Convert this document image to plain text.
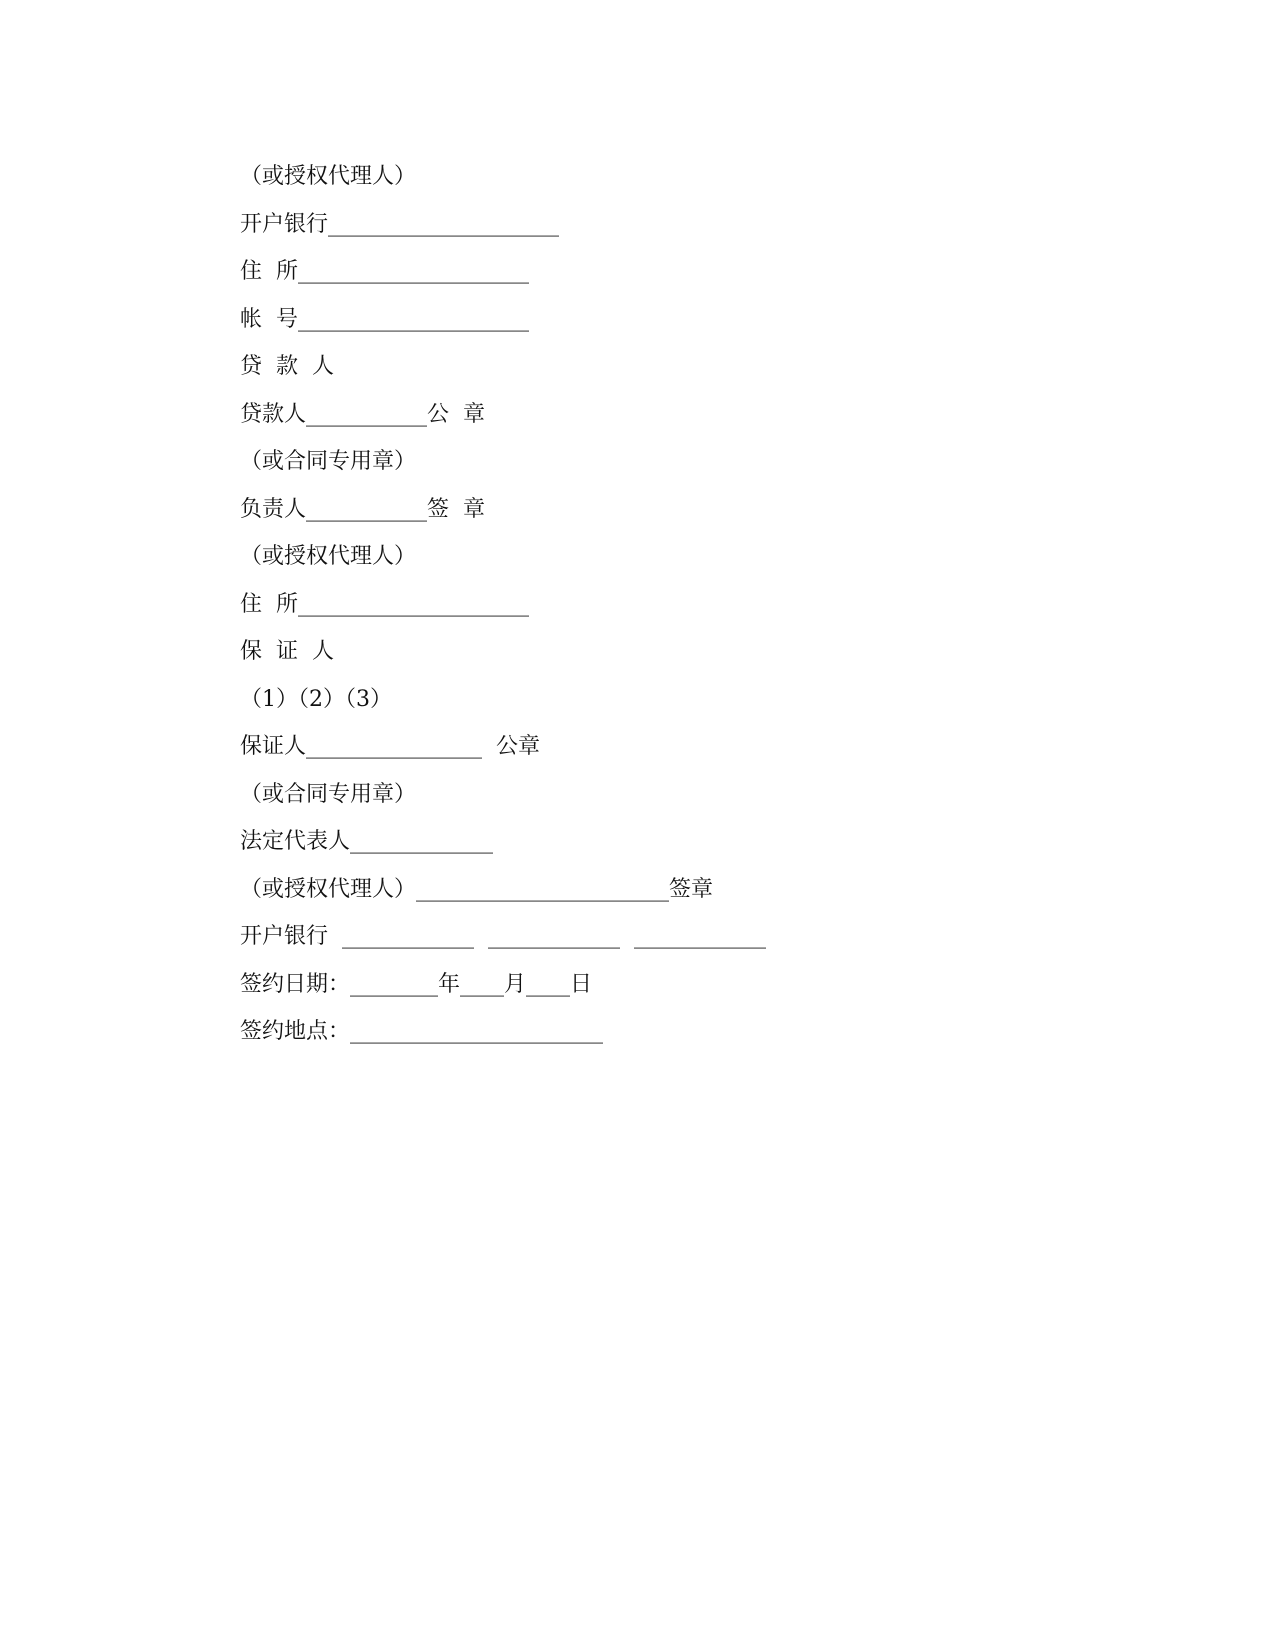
（或授权代理人）
开户银行_____________________
住  所_____________________
帐  号_____________________
贷  款  人
贷款人___________公  章
（或合同专用章）
负责人___________签  章
（或授权代理人）
住  所_____________________
保  证  人
（1）（2）（3）
保证人________________  公章
（或合同专用章）
法定代表人_____________
（或授权代理人）_______________________签章
开户银行  ____________  ____________  ____________
签约日期：________年____月____日
签约地点：_______________________
